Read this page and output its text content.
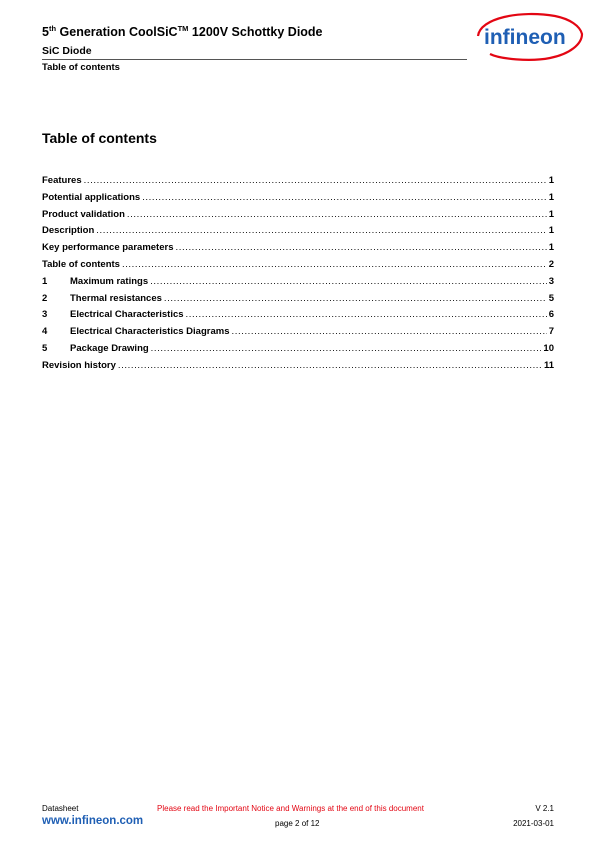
5th Generation CoolSiC™ 1200V Schottky Diode
SiC Diode
Table of contents
infineon
Table of contents
Features .....	1
Potential applications .....	1
Product validation .....	1
Description .....	1
Key performance parameters .....	1
Table of contents .....	2
1	Maximum ratings .....	3
2	Thermal resistances .....	5
3	Electrical Characteristics .....	6
4	Electrical Characteristics Diagrams .....	7
5	Package Drawing .....	10
Revision history .....	11
Datasheet	Please read the Important Notice and Warnings at the end of this document	V 2.1
www.infineon.com	page 2 of 12	2021-03-01
